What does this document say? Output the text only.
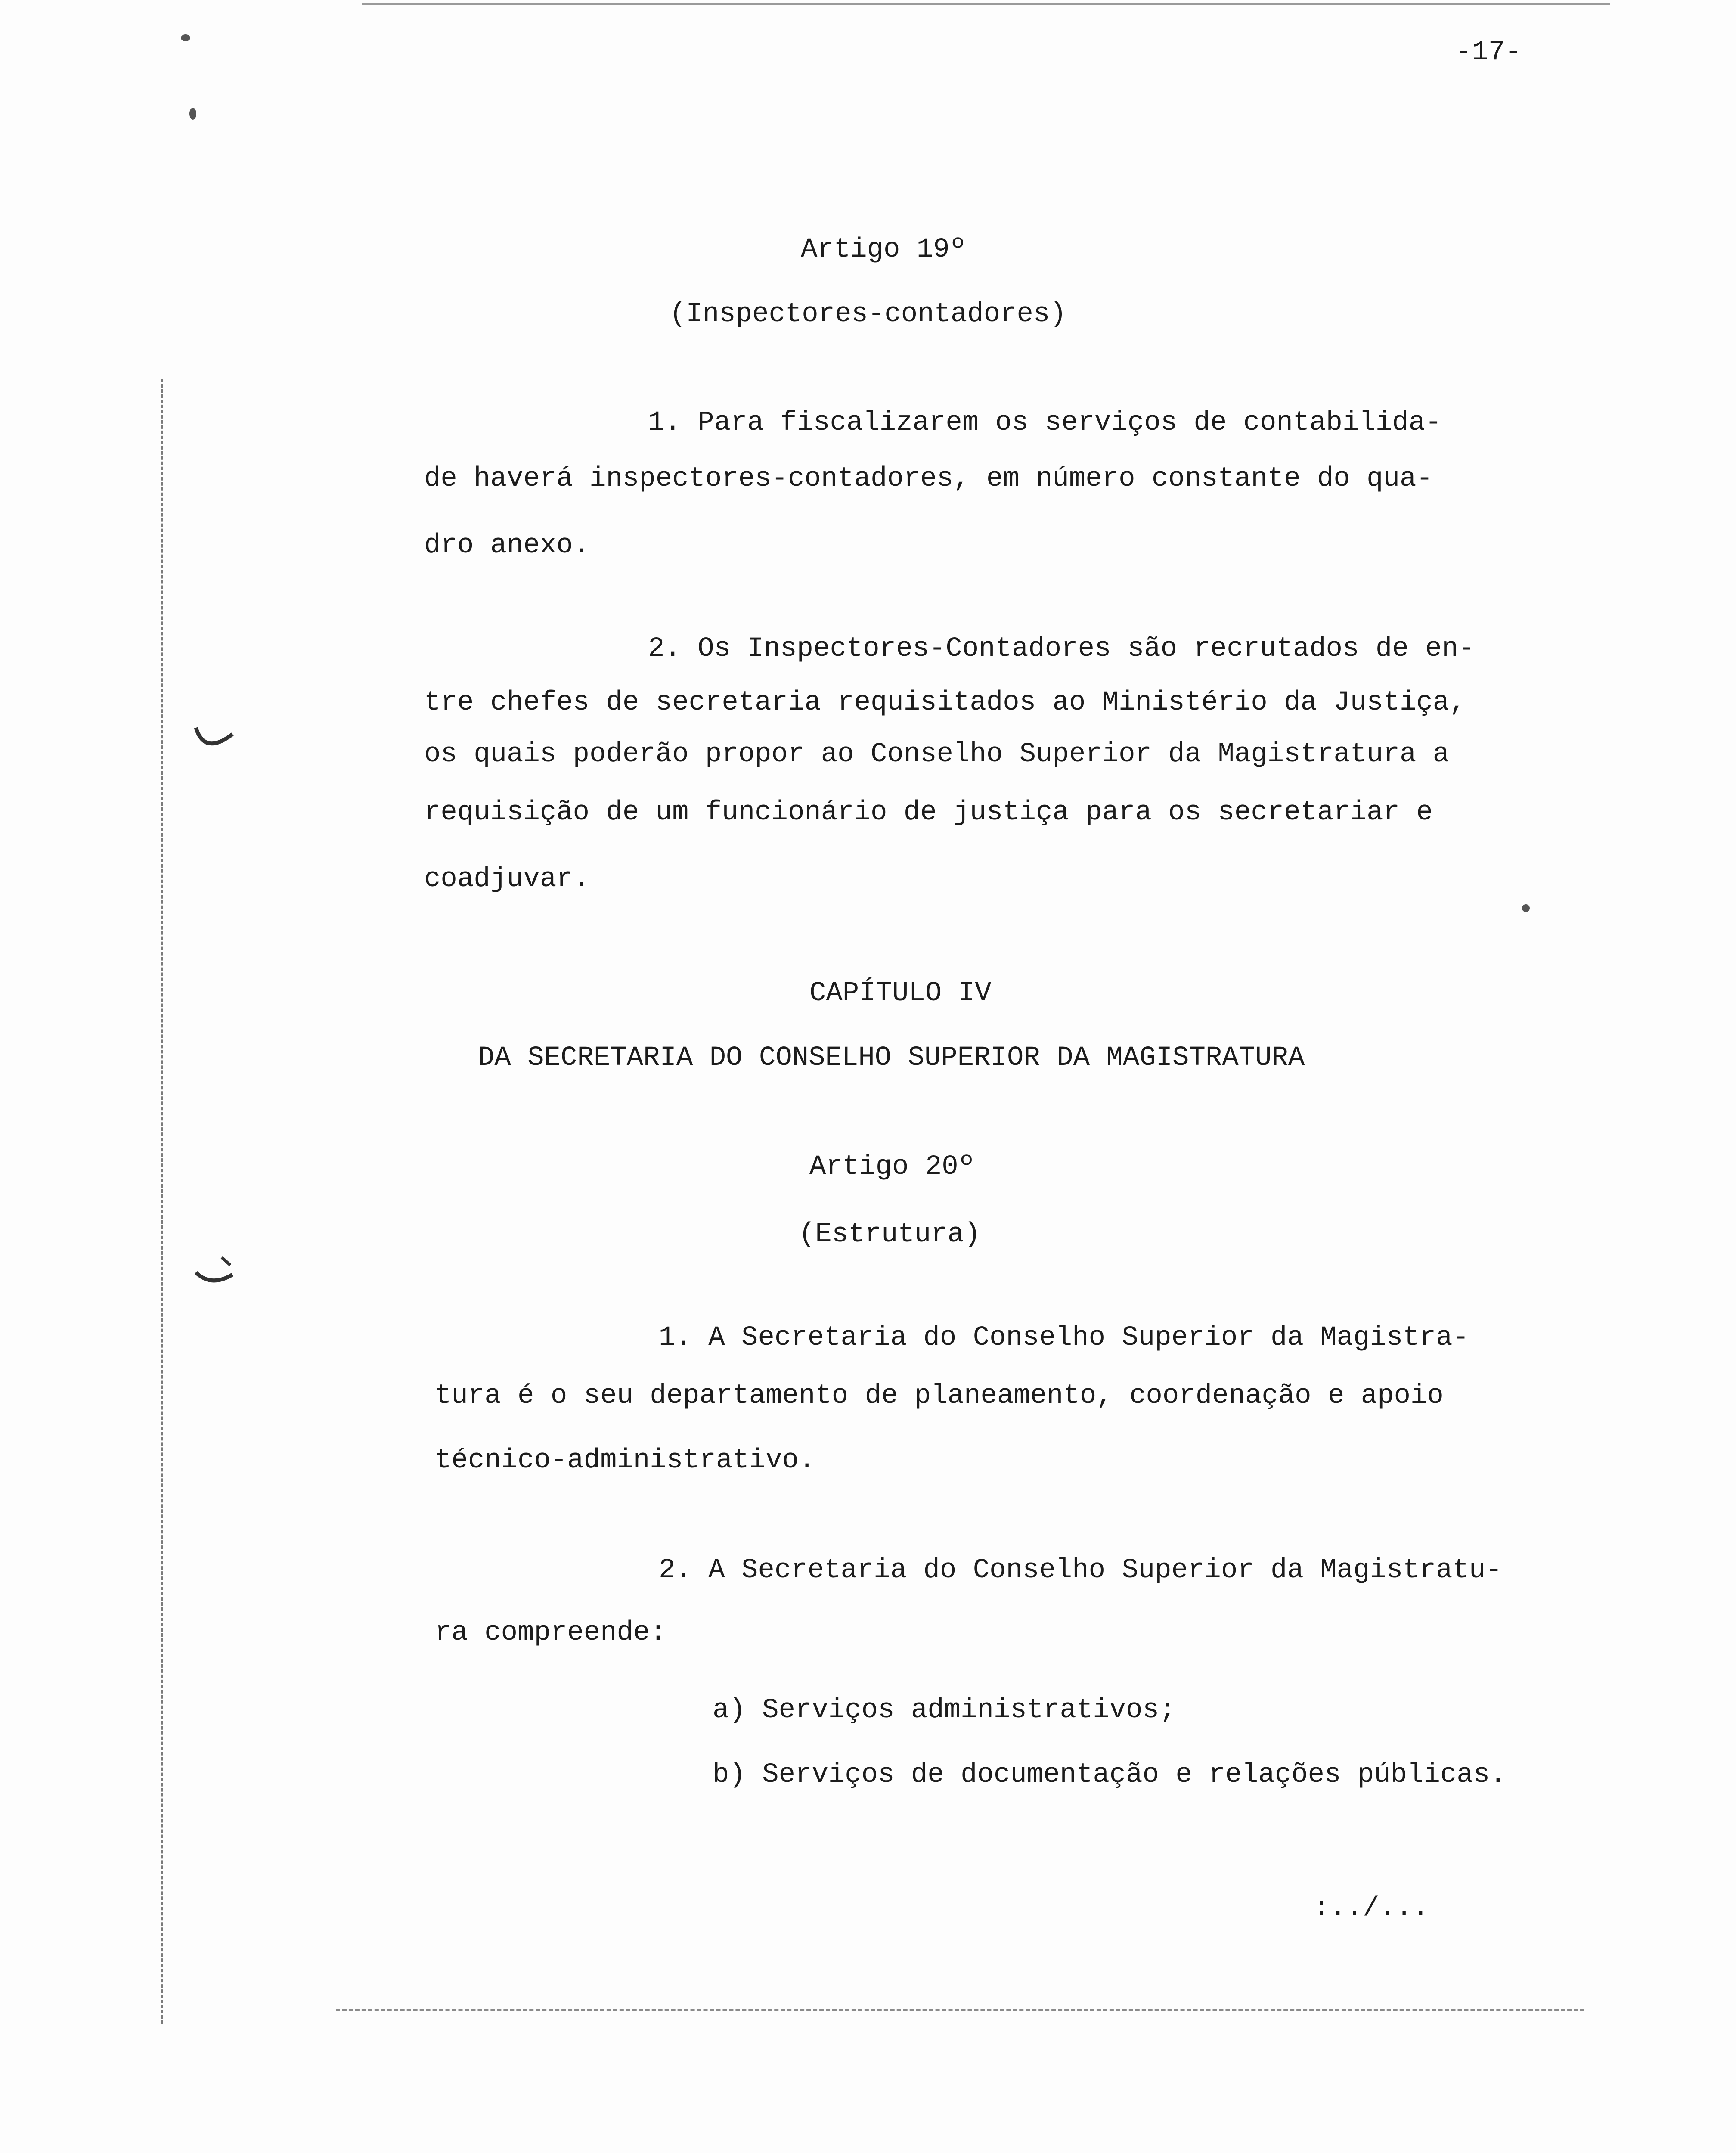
-17-
Artigo 19º
(Inspectores-contadores)
1. Para fiscalizarem os serviços de contabilida-
de haverá inspectores-contadores, em número constante do qua-
dro anexo.
2. Os Inspectores-Contadores são recrutados de en-
tre chefes de secretaria requisitados ao Ministério da Justiça,
os quais poderão propor ao Conselho Superior da Magistratura a
requisição de um funcionário de justiça para os secretariar e
coadjuvar.
CAPÍTULO IV
DA SECRETARIA DO CONSELHO SUPERIOR DA MAGISTRATURA
Artigo 20º
(Estrutura)
1. A Secretaria do Conselho Superior da Magistra-
tura é o seu departamento de planeamento, coordenação e apoio
técnico-administrativo.
2. A Secretaria do Conselho Superior da Magistratu-
ra compreende:
a) Serviços administrativos;
b) Serviços de documentação e relações públicas.
:../...
